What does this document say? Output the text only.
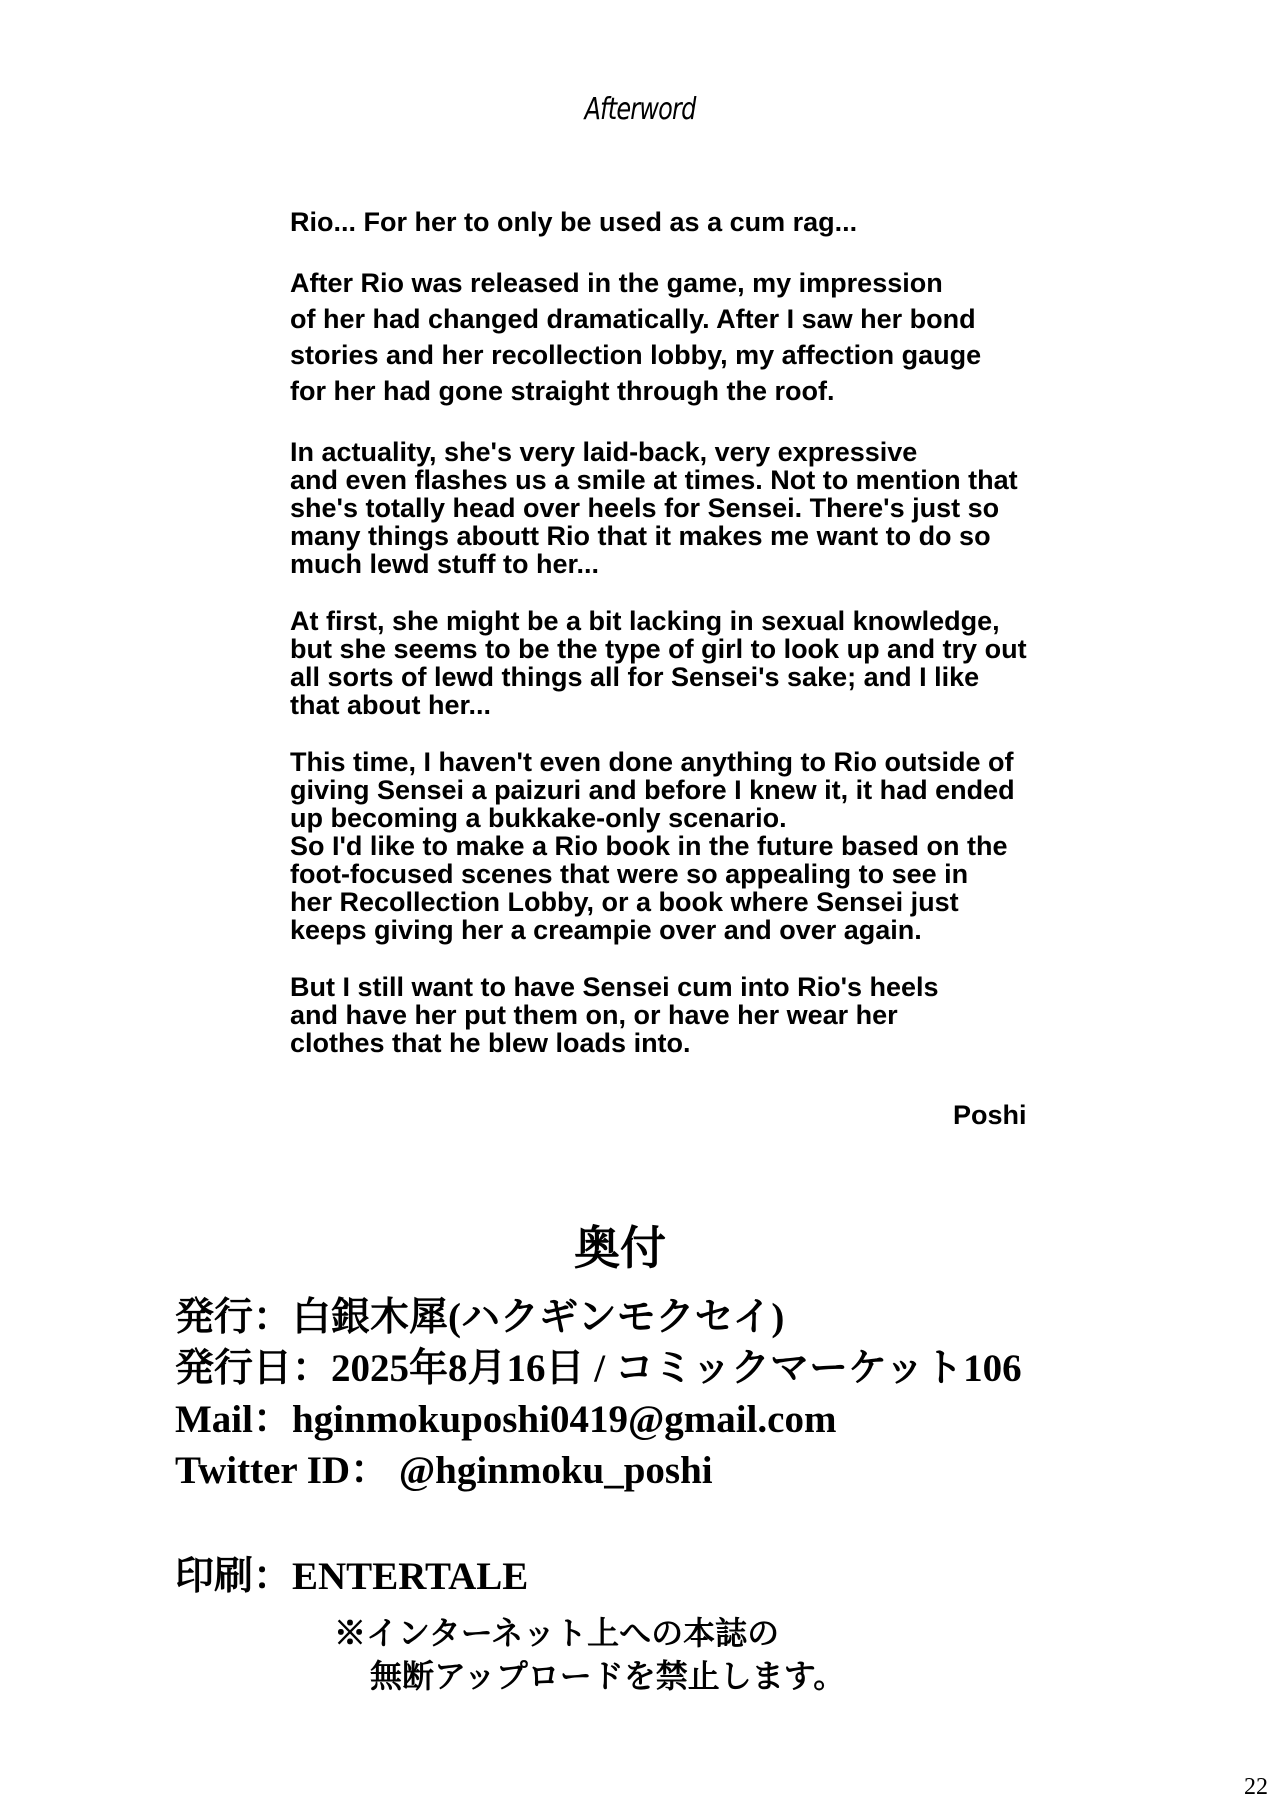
Afterword

Rio... For her to only be used as a cum rag...

After Rio was released in the game, my impression
of her had changed dramatically. After I saw her bond
stories and her recollection lobby, my affection gauge
for her had gone straight through the roof.

In actuality, she's very laid-back, very expressive
and even flashes us a smile at times. Not to mention that
she's totally head over heels for Sensei. There's just so
many things aboutt Rio that it makes me want to do so
much lewd stuff to her...

At first, she might be a bit lacking in sexual knowledge,
but she seems to be the type of girl to look up and try out
all sorts of lewd things all for Sensei's sake; and I like
that about her...

This time, I haven't even done anything to Rio outside of
giving Sensei a paizuri and before I knew it, it had ended
up becoming a bukkake-only scenario.
So I'd like to make a Rio book in the future based on the
foot-focused scenes that were so appealing to see in
her Recollection Lobby, or a book where Sensei just
keeps giving her a creampie over and over again.

But I still want to have Sensei cum into Rio's heels
and have her put them on, or have her wear her
clothes that he blew loads into.

Poshi
奥付
発行：白銀木犀(ハクギンモクセイ)
発行日：2025年8月16日 / コミックマーケット106
Mail：hginmokuposhi0419@gmail.com
Twitter ID： @hginmoku_poshi
印刷：ENTERTALE
※インターネット上への本誌の
無断アップロードを禁止します。
22
